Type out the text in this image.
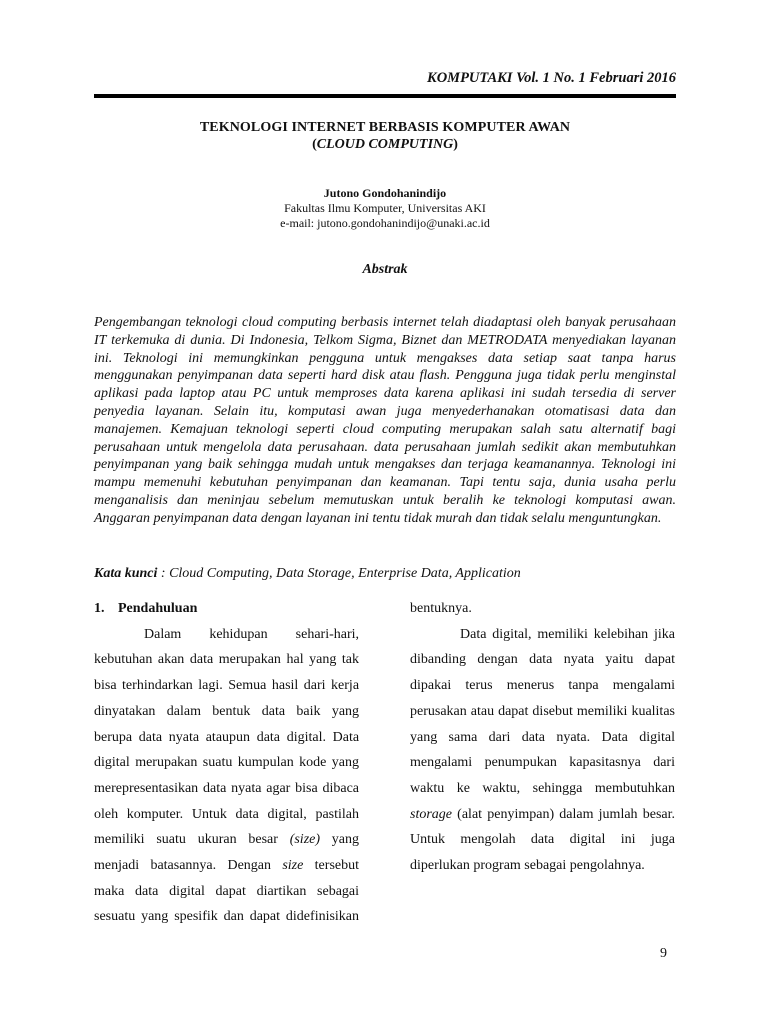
KOMPUTAKI Vol. 1 No. 1 Februari 2016
TEKNOLOGI INTERNET BERBASIS KOMPUTER AWAN
(CLOUD COMPUTING)
Jutono Gondohanindijo
Fakultas Ilmu Komputer, Universitas AKI
e-mail: jutono.gondohanindijo@unaki.ac.id
Abstrak
Pengembangan teknologi cloud computing berbasis internet telah diadaptasi oleh banyak perusahaan IT terkemuka di dunia. Di Indonesia, Telkom Sigma, Biznet dan METRODATA menyediakan layanan ini. Teknologi ini memungkinkan pengguna untuk mengakses data setiap saat tanpa harus menggunakan penyimpanan data seperti hard disk atau flash. Pengguna juga tidak perlu menginstal aplikasi pada laptop atau PC untuk memproses data karena aplikasi ini sudah tersedia di server penyedia layanan. Selain itu, komputasi awan juga menyederhanakan otomatisasi data dan manajemen. Kemajuan teknologi seperti cloud computing merupakan salah satu alternatif bagi perusahaan untuk mengelola data perusahaan. data perusahaan jumlah sedikit akan membutuhkan penyimpanan yang baik sehingga mudah untuk mengakses dan terjaga keamanannya. Teknologi ini mampu memenuhi kebutuhan penyimpanan dan keamanan. Tapi tentu saja, dunia usaha perlu menganalisis dan meninjau sebelum memutuskan untuk beralih ke teknologi komputasi awan. Anggaran penyimpanan data dengan layanan ini tentu tidak murah dan tidak selalu menguntungkan.
Kata kunci : Cloud Computing, Data Storage, Enterprise Data, Application
1. Pendahuluan

Dalam kehidupan sehari-hari, kebutuhan akan data merupakan hal yang tak bisa terhindarkan lagi. Semua hasil dari kerja dinyatakan dalam bentuk data baik yang berupa data nyata ataupun data digital. Data digital merupakan suatu kumpulan kode yang merepresentasikan data nyata agar bisa dibaca oleh komputer. Untuk data digital, pastilah memiliki suatu ukuran besar (size) yang menjadi batasannya. Dengan size tersebut maka data digital dapat diartikan sebagai sesuatu yang spesifik dan dapat didefinisikan

bentuknya.

Data digital, memiliki kelebihan jika dibanding dengan data nyata yaitu dapat dipakai terus menerus tanpa mengalami perusakan atau dapat disebut memiliki kualitas yang sama dari data nyata. Data digital mengalami penumpukan kapasitasnya dari waktu ke waktu, sehingga membutuhkan storage (alat penyimpan) dalam jumlah besar. Untuk mengolah data digital ini juga diperlukan program sebagai pengolahnya.

9
